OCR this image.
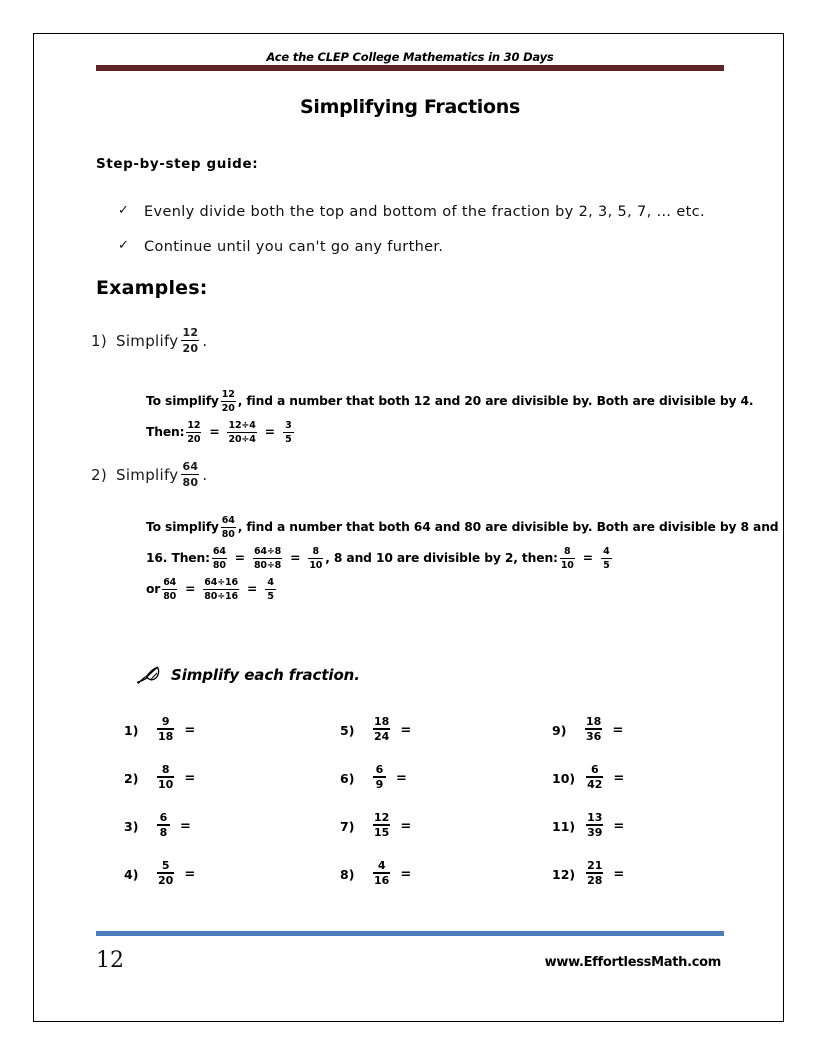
Ace the CLEP College Mathematics in 30 Days
Simplifying Fractions
Step-by-step guide:
✓	Evenly divide both the top and bottom of the fraction by 2, 3, 5, 7, … etc.
✓	Continue until you can't go any further.
Examples:
1) Simplify 12
20 .
To simplify 12
20
, find a number that both 12 and 20 are divisible by. Both are divisible by 4.
Then: 12
20
= 12÷4
20÷4
= 3
5
2) Simplify 64
80 .
To simplify 64
80
, find a number that both 64 and 80 are divisible by. Both are divisible by 8 and
16. Then: 64
80
= 64÷8
80÷8
= 8
10
, 8 and 10 are divisible by 2, then: 8
10
= 4
5
or 64
80
= 64÷16
80÷16
= 4
5
Simplify each fraction.
1)
9
18 =
2)
8
10 =
3)
6
8 =
4)
5
20 =
5)
18
24 =
6)
6
9 =
7)
12
15 =
8)
4
16 =
9)
18
36 =
10)
6
42 =
11)
13
39 =
12)
21
28 =
12	www.EffortlessMath.com
